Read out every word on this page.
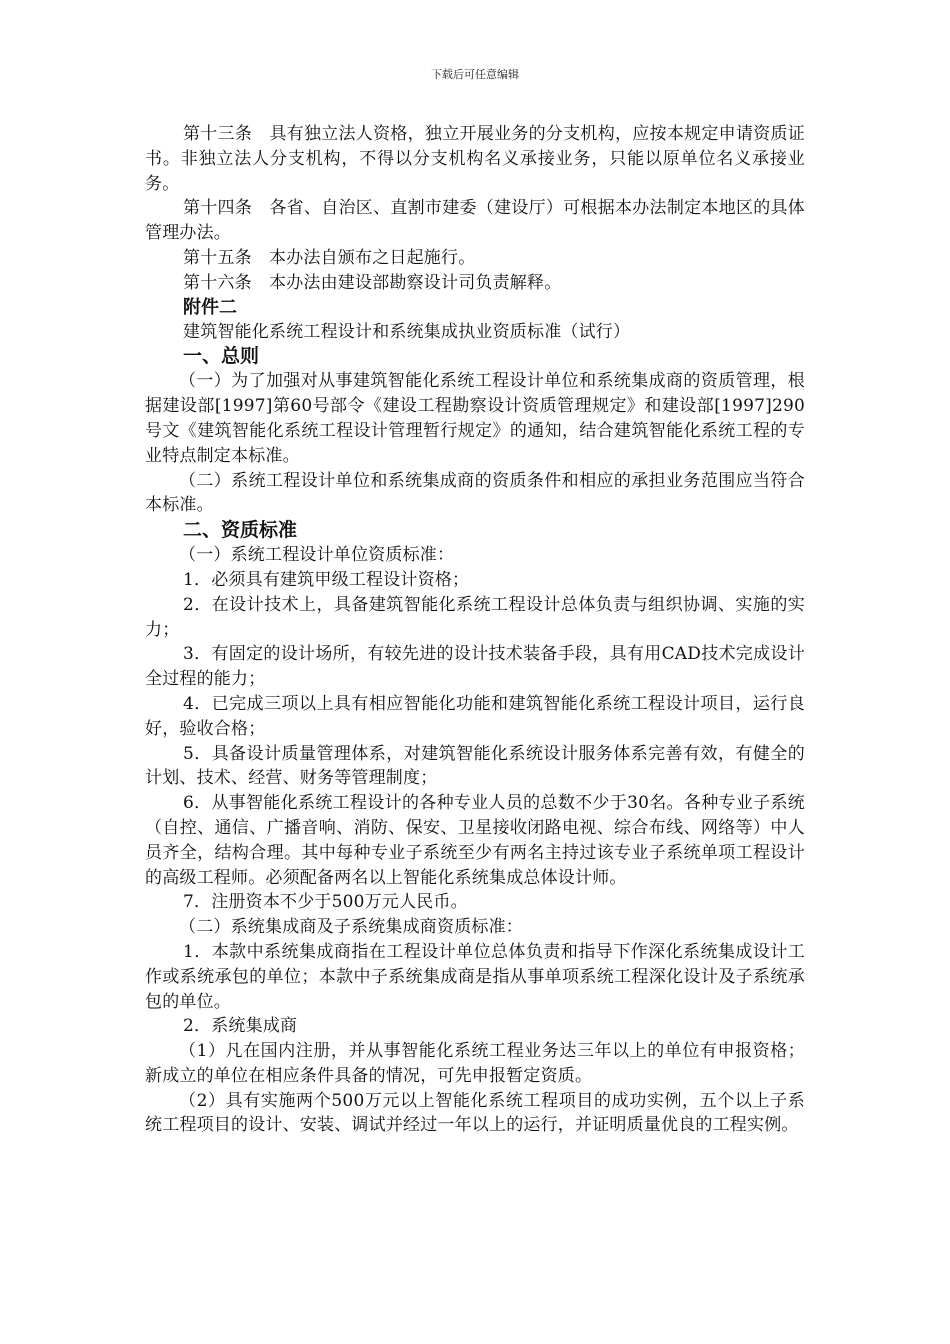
下载后可任意编辑

第十三条　具有独立法人资格，独立开展业务的分支机构，应按本规定申请资质证书。非独立法人分支机构，不得以分支机构名义承接业务，只能以原单位名义承接业务。

第十四条　各省、自治区、直割市建委（建设厅）可根据本办法制定本地区的具体管理办法。

第十五条　本办法自颁布之日起施行。

第十六条　本办法由建设部勘察设计司负责解释。

附件二

建筑智能化系统工程设计和系统集成执业资质标准（试行）

一、总则

（一）为了加强对从事建筑智能化系统工程设计单位和系统集成商的资质管理，根据建设部[1997]第60号部令《建设工程勘察设计资质管理规定》和建设部[1997]290号文《建筑智能化系统工程设计管理暂行规定》的通知，结合建筑智能化系统工程的专业特点制定本标准。

（二）系统工程设计单位和系统集成商的资质条件和相应的承担业务范围应当符合本标准。

二、资质标准

（一）系统工程设计单位资质标准：

1．必须具有建筑甲级工程设计资格；

2．在设计技术上，具备建筑智能化系统工程设计总体负责与组织协调、实施的实力；

3．有固定的设计场所，有较先进的设计技术装备手段，具有用CAD技术完成设计全过程的能力；

4．已完成三项以上具有相应智能化功能和建筑智能化系统工程设计项目，运行良好，验收合格；

5．具备设计质量管理体系，对建筑智能化系统设计服务体系完善有效，有健全的计划、技术、经营、财务等管理制度；

6．从事智能化系统工程设计的各种专业人员的总数不少于30名。各种专业子系统（自控、通信、广播音响、消防、保安、卫星接收闭路电视、综合布线、网络等）中人员齐全，结构合理。其中每种专业子系统至少有两名主持过该专业子系统单项工程设计的高级工程师。必须配备两名以上智能化系统集成总体设计师。

7．注册资本不少于500万元人民币。

（二）系统集成商及子系统集成商资质标准：

1．本款中系统集成商指在工程设计单位总体负责和指导下作深化系统集成设计工作或系统承包的单位；本款中子系统集成商是指从事单项系统工程深化设计及子系统承包的单位。

2．系统集成商

（1）凡在国内注册，并从事智能化系统工程业务达三年以上的单位有申报资格；新成立的单位在相应条件具备的情况，可先申报暂定资质。

（2）具有实施两个500万元以上智能化系统工程项目的成功实例，五个以上子系统工程项目的设计、安装、调试并经过一年以上的运行，并证明质量优良的工程实例。
